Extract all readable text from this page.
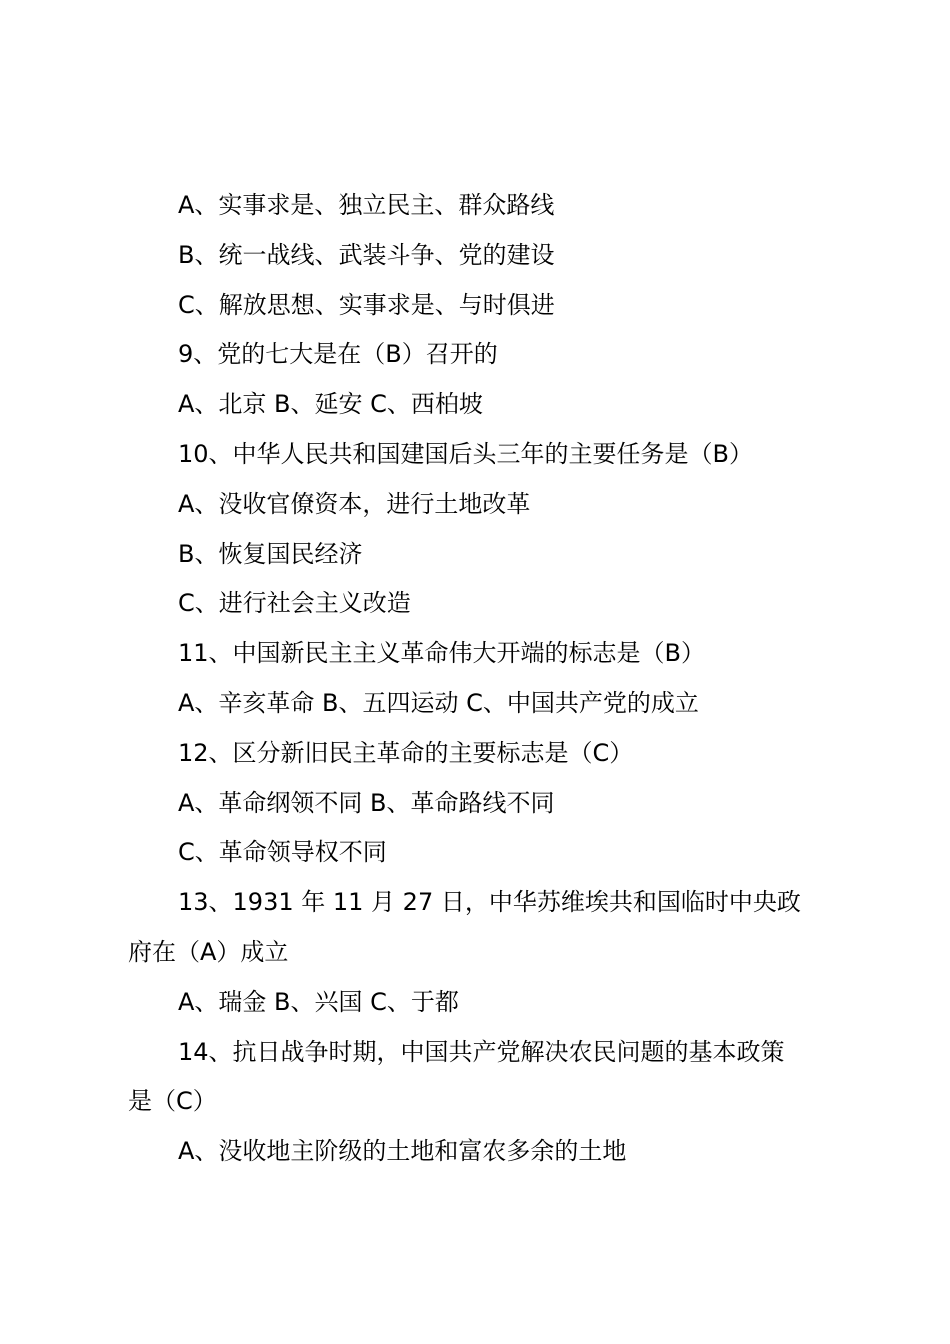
A、实事求是、独立民主、群众路线
B、统一战线、武装斗争、党的建设
C、解放思想、实事求是、与时俱进
9、党的七大是在（B）召开的
A、北京 B、延安 C、西柏坡
10、中华人民共和国建国后头三年的主要任务是（B）
A、没收官僚资本，进行土地改革
B、恢复国民经济
C、进行社会主义改造
11、中国新民主主义革命伟大开端的标志是（B）
A、辛亥革命 B、五四运动 C、中国共产党的成立
12、区分新旧民主革命的主要标志是（C）
A、革命纲领不同 B、革命路线不同
C、革命领导权不同
13、1931 年 11 月 27 日，中华苏维埃共和国临时中央政
府在（A）成立
A、瑞金 B、兴国 C、于都
14、抗日战争时期，中国共产党解决农民问题的基本政策
是（C）
A、没收地主阶级的土地和富农多余的土地
